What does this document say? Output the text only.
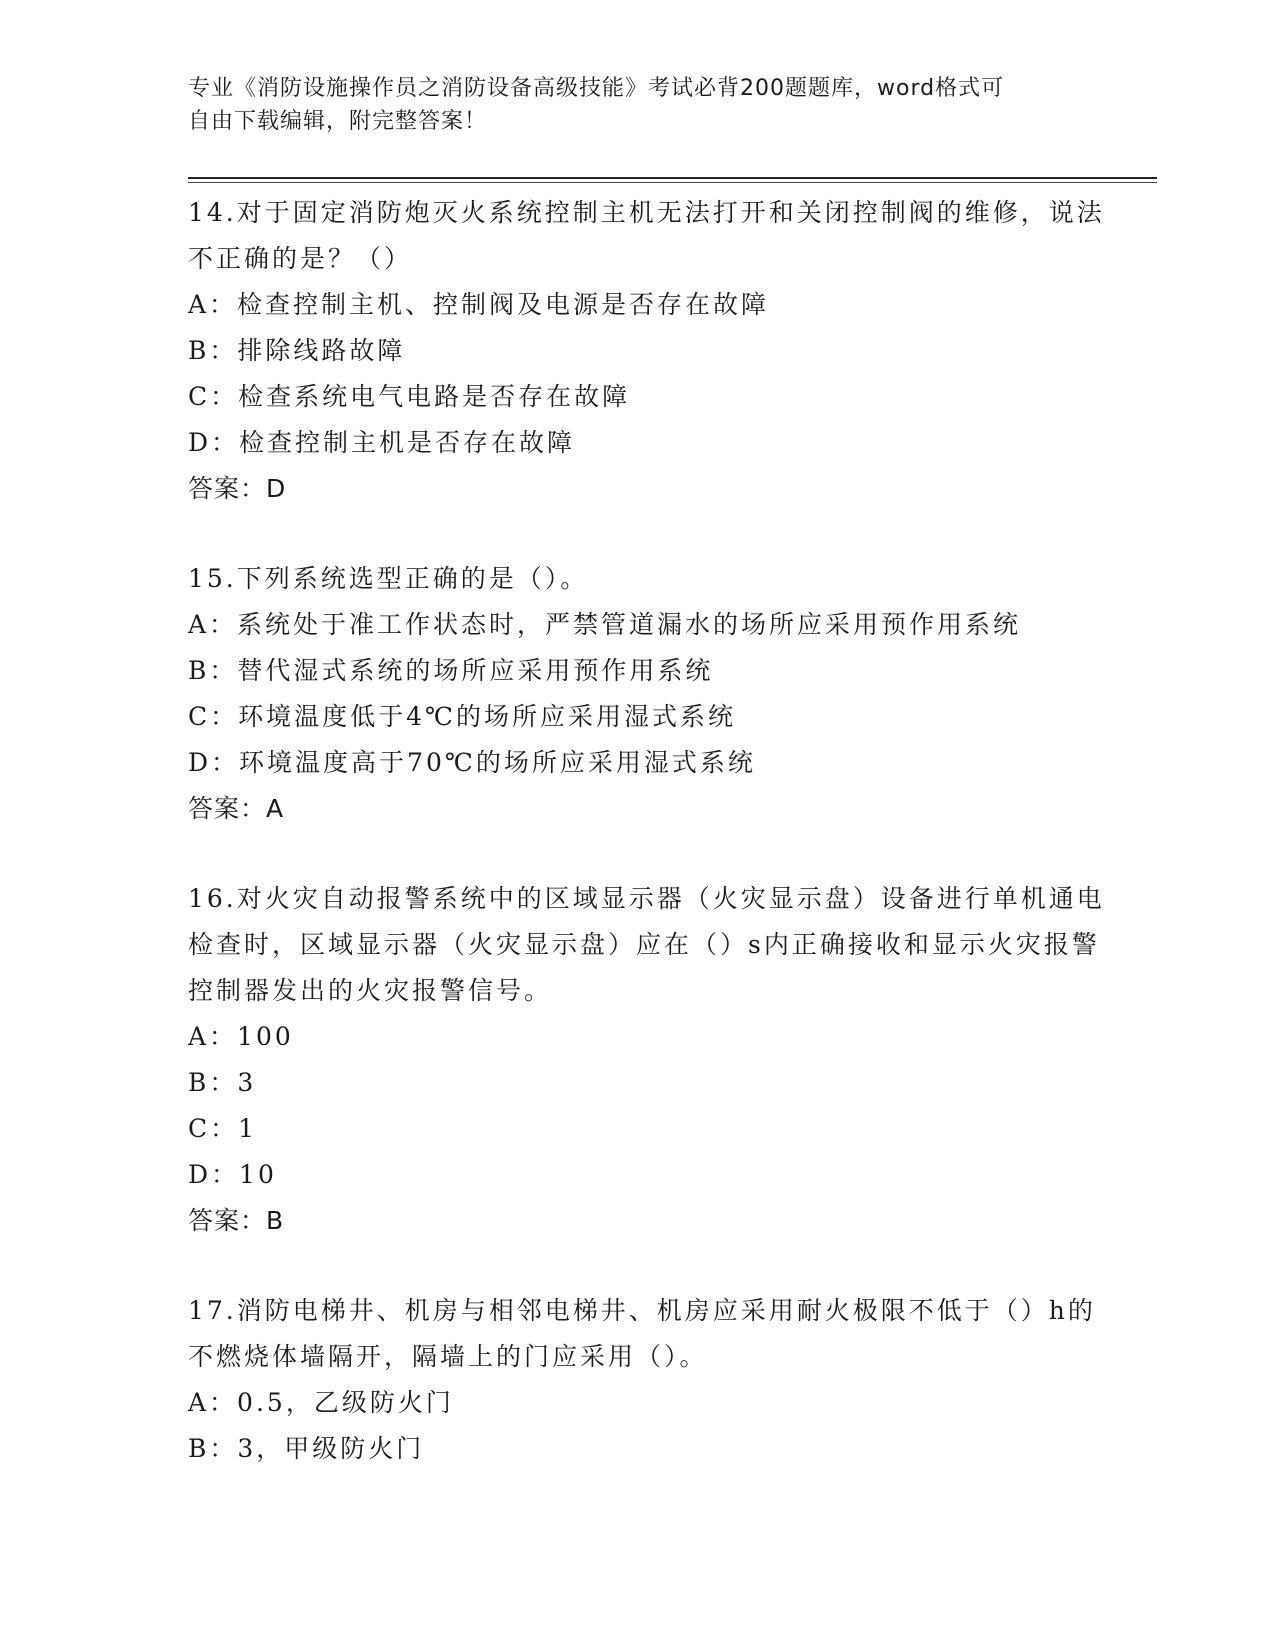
专业《消防设施操作员之消防设备高级技能》考试必背200题题库，word格式可
自由下载编辑，附完整答案！
14.对于固定消防炮灭火系统控制主机无法打开和关闭控制阀的维修，说法不正确的是？（）
A：检查控制主机、控制阀及电源是否存在故障
B：排除线路故障
C：检查系统电气电路是否存在故障
D：检查控制主机是否存在故障
答案：D
15.下列系统选型正确的是（）。
A：系统处于准工作状态时，严禁管道漏水的场所应采用预作用系统
B：替代湿式系统的场所应采用预作用系统
C：环境温度低于4℃的场所应采用湿式系统
D：环境温度高于70℃的场所应采用湿式系统
答案：A
16.对火灾自动报警系统中的区域显示器（火灾显示盘）设备进行单机通电检查时，区域显示器（火灾显示盘）应在（）s内正确接收和显示火灾报警控制器发出的火灾报警信号。
A：100
B：3
C：1
D：10
答案：B
17.消防电梯井、机房与相邻电梯井、机房应采用耐火极限不低于（）h的不燃烧体墙隔开，隔墙上的门应采用（）。
A：0.5，乙级防火门
B：3，甲级防火门
